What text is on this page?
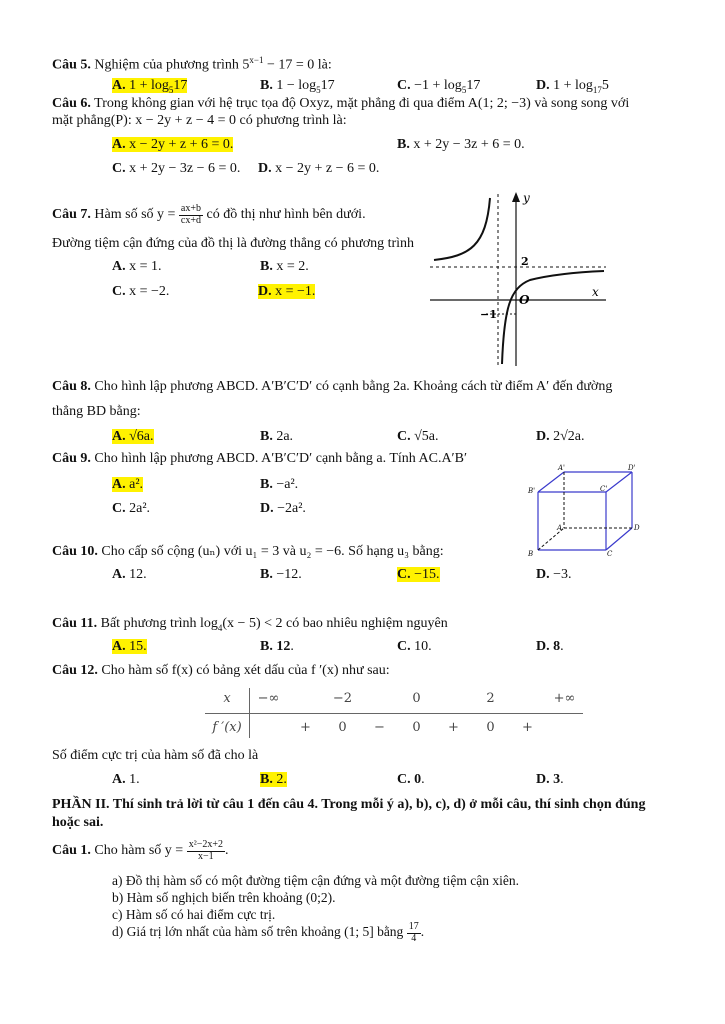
Câu 5. Nghiệm của phương trình $5^{x-1} - 17 = 0$ là:
A. $1 + \log_517$	B. $1 - \log_517$	C. $-1 + \log_517$	D. $1 + \log_{17}5$
Câu 6. Trong không gian với hệ trục tọa độ Oxyz, mặt phẳng đi qua điểm A(1; 2; −3) và song song với
mặt phẳng(P): x − 2y + z − 4 = 0 có phương trình là:
A. x − 2y + z + 6 = 0.	B. x + 2y − 3z + 6 = 0.
C. x + 2y − 3z − 6 = 0. D. x − 2y + z − 6 = 0.
Câu 7. Hàm số số $y = \frac{ax+b}{cx+d}$ có đồ thị như hình bên dưới.
Đường tiệm cận đứng của đồ thị là đường thẳng có phương trình
A. x = 1.	B. x = 2.
C. x = −2.	D. x = −1.
y
x
O
2
−1
Câu 8. Cho hình lập phương ABCD. A′B′C′D′ có cạnh bằng 2a. Khoảng cách từ điểm A′ đến đường
thẳng BD bằng:
A. √6a.	B. 2a.	C. √5a.	D. 2√2a.
Câu 9. Cho hình lập phương ABCD. A′B′C′D′ cạnh bằng a. Tính AC.A′B′
A. a².	B. −a².
C. 2a².	D. −2a².
A'	D'
B'	C'
A	D
B	C
Câu 10. Cho cấp số cộng (uₙ) với u₁ = 3 và u₂ = −6. Số hạng u₃ bằng:
A. 12.	B. −12.	C. −15.	D. −3.
Câu 11. Bất phương trình $\log_4(x - 5) < 2$ có bao nhiêu nghiệm nguyên
A. 15.	B. 12.	C. 10.	D. 8.
Câu 12. Cho hàm số f(x) có bảng xét dấu của f ′(x) như sau:
x	−∞		−2		0		2		+∞
f ′(x)		+	0	−	0	+	0	+	
Số điểm cực trị của hàm số đã cho là
A. 1.	B. 2.	C. 0.	D. 3.
PHẦN II. Thí sinh trả lời từ câu 1 đến câu 4. Trong mỗi ý a), b), c), d) ở mỗi câu, thí sinh chọn đúng
hoặc sai.
Câu 1. Cho hàm số $y = \frac{\text{x²−2x+2}}{x-1}$ .
a) Đồ thị hàm số có một đường tiệm cận đứng và một đường tiệm cận xiên.
b) Hàm số nghịch biến trên khoảng (0;2).
c) Hàm số có hai điểm cực trị.
d) Giá trị lớn nhất của hàm số trên khoảng (1; 5] bằng $\frac{17}{4}$ .
